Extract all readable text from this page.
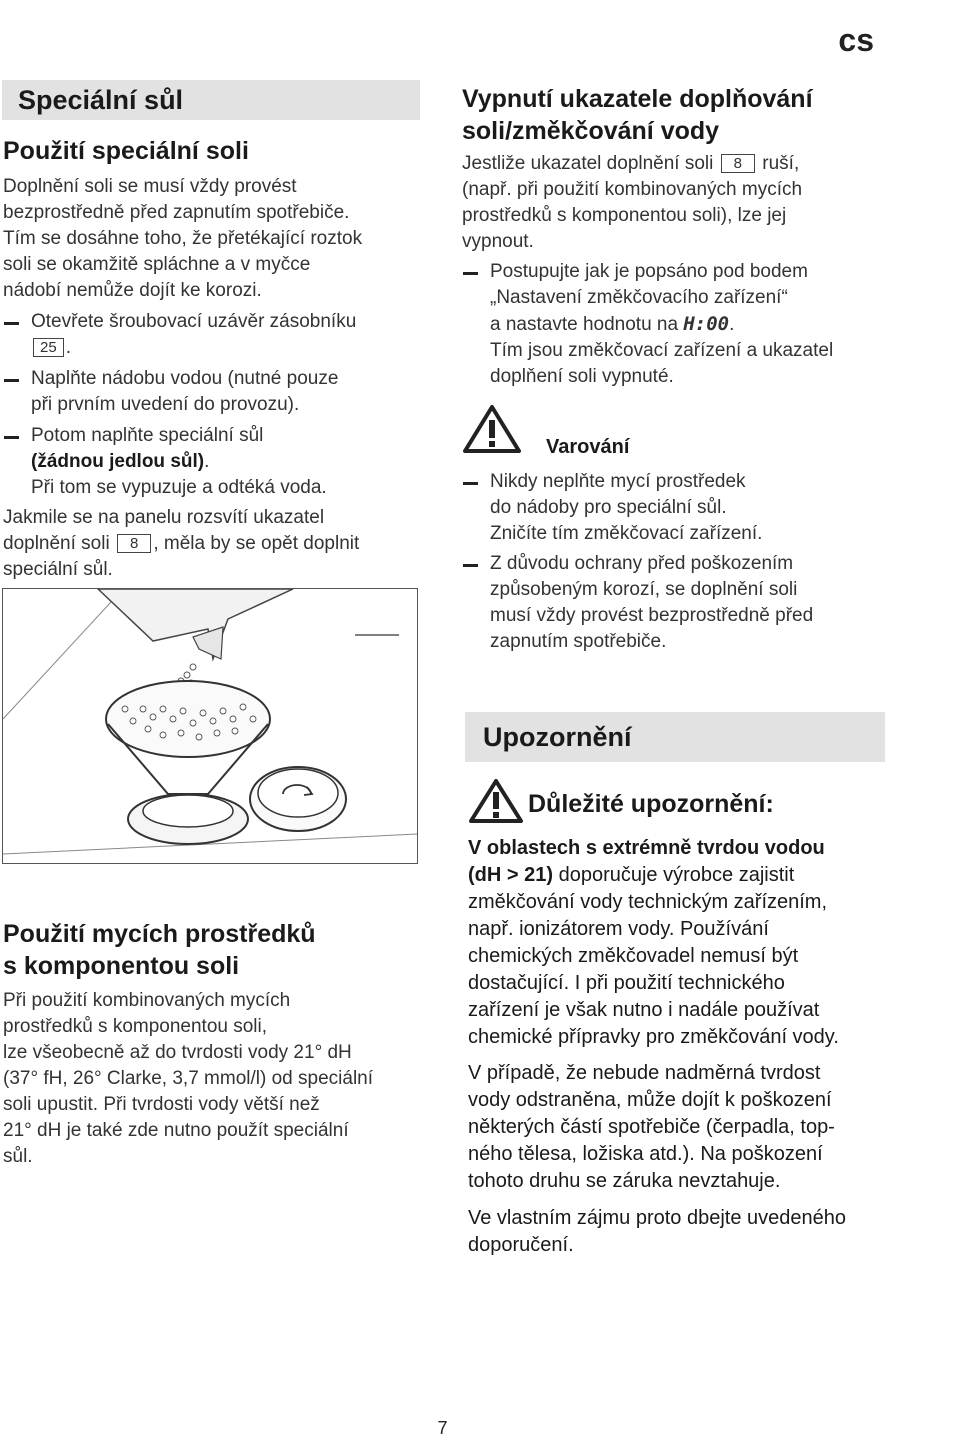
cs
Speciální sůl
Použití speciální soli

Doplnění soli se musí vždy provést

bezprostředně před zapnutím spotřebiče.

Tím se dosáhne toho, že přetékající roztok

soli se okamžitě spláchne a v myčce

nádobí nemůže dojít ke korozi.

Otevřete šroubovací uzávěr zásobníku

25 .

Naplňte nádobu vodou (nutné pouze

při prvním uvedení do provozu).

Potom naplňte speciální sůl

(žádnou jedlou sůl).

Při tom se vypuzuje a odtéká voda.

Jakmile se na panelu rozsvítí ukazatel

doplnění soli 8 , měla by se opět doplnit

speciální sůl.

Použití mycích prostředků
s komponentou soli

Při použití kombinovaných mycích

prostředků s komponentou soli,

lze všeobecně až do tvrdosti vody 21° dH

(37° fH, 26° Clarke, 3,7 mmol/l) od speciální

soli upustit. Při tvrdosti vody větší než

21° dH je také zde nutno použít speciální

sůl.

Vypnutí ukazatele doplňování
soli/změkčování vody

Jestliže ukazatel doplnění soli 8 ruší,

(např. při použití kombinovaných mycích

prostředků s komponentou soli), lze jej

vypnout.

Postupujte jak je popsáno pod bodem

„Nastavení změkčovacího zařízení“

a nastavte hodnotu na H:00.

Tím jsou změkčovací zařízení a ukazatel

doplňení soli vypnuté.

Varování

Nikdy neplňte mycí prostředek

do nádoby pro speciální sůl.

Zničíte tím změkčovací zařízení.

Z důvodu ochrany před poškozením

způsobeným korozí, se doplnění soli

musí vždy provést bezprostředně před

zapnutím spotřebiče.

Upozornění
Důležité upozornění:

V oblastech s extrémně tvrdou vodou

(dH > 21) doporučuje výrobce zajistit

změkčování vody technickým zařízením,

např. ionizátorem vody. Používání

chemických změkčovadel nemusí být

dostačující. I při použití technického

zařízení je však nutno i nadále používat

chemické přípravky pro změkčování vody.

V případě, že nebude nadměrná tvrdost

vody odstraněna, může dojít k poškození

některých částí spotřebiče (čerpadla, top-

ného tělesa, ložiska atd.). Na poškození

tohoto druhu se záruka nevztahuje.

Ve vlastním zájmu proto dbejte uvedeného

doporučení.

7
